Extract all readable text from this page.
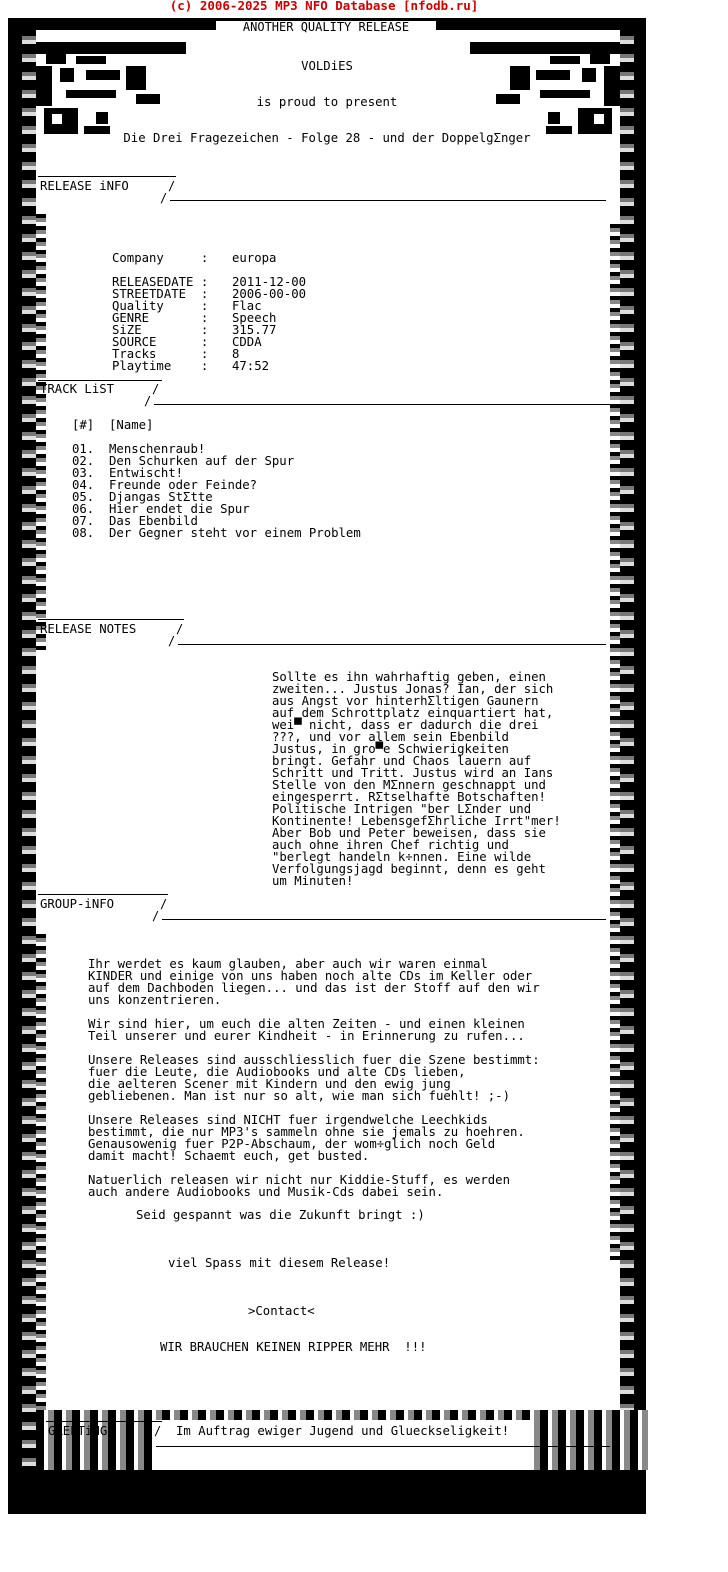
(c) 2006-2025 MP3 NFO Database [nfodb.ru]
ANOTHER QUALITY RELEASE
VOLDiES
is proud to present
Die Drei Fragezeichen - Folge 28 - und der DoppelgΣnger
RELEASE iNFO	/
/
Company     : europa
RELEASEDATE : 2011-12-00
STREETDATE  : 2006-00-00
Quality     : Flac
GENRE       : Speech
SiZE        : 315.77
SOURCE      : CDDA
Tracks      : 8
Playtime    : 47:52
TRACK LiST	/
/
[#]  [Name]
01.  Menschenraub!
02.  Den Schurken auf der Spur
03.  Entwischt!
04.  Freunde oder Feinde?
05.  Djangas StΣtte
06.  Hier endet die Spur
07.  Das Ebenbild
08.  Der Gegner steht vor einem Problem
RELEASE NOTES	/
/
Sollte es ihn wahrhaftig geben, einen
zweiten... Justus Jonas? Ian, der sich
aus Angst vor hinterhΣltigen Gaunern
auf dem Schrottplatz einquartiert hat,
wei▀ nicht, dass er dadurch die drei
???, und vor allem sein Ebenbild
Justus, in gro▀e Schwierigkeiten
bringt. Gefahr und Chaos lauern auf
Schritt und Tritt. Justus wird an Ians
Stelle von den MΣnnern geschnappt und
eingesperrt. RΣtselhafte Botschaften!
Politische Intrigen "ber LΣnder und
Kontinente! LebensgefΣhrliche Irrt"mer!
Aber Bob und Peter beweisen, dass sie
auch ohne ihren Chef richtig und
"berlegt handeln k÷nnen. Eine wilde
Verfolgungsjagd beginnt, denn es geht
um Minuten!
GROUP-iNFO	/
/
Ihr werdet es kaum glauben, aber auch wir waren einmal
KINDER und einige von uns haben noch alte CDs im Keller oder
auf dem Dachboden liegen... und das ist der Stoff auf den wir
uns konzentrieren.
Wir sind hier, um euch die alten Zeiten - und einen kleinen
Teil unserer und eurer Kindheit - in Erinnerung zu rufen...
Unsere Releases sind ausschliesslich fuer die Szene bestimmt:
fuer die Leute, die Audiobooks und alte CDs lieben,
die aelteren Scener mit Kindern und den ewig jung
gebliebenen. Man ist nur so alt, wie man sich fuehlt! ;-)
Unsere Releases sind NICHT fuer irgendwelche Leechkids
bestimmt, die nur MP3's sammeln ohne sie jemals zu hoehren.
Genausowenig fuer P2P-Abschaum, der wom÷glich noch Geld
damit macht! Schaemt euch, get busted.
Natuerlich releasen wir nicht nur Kiddie-Stuff, es werden
auch andere Audiobooks und Musik-Cds dabei sein.
Seid gespannt was die Zukunft bringt :)
viel Spass mit diesem Release!
>Contact<
WIR BRAUCHEN KEINEN RIPPER MEHR  !!!
GREETiNGS	/
/
Im Auftrag ewiger Jugend und Glueckseligkeit!
CHiKANi * FUERKINDER * kooba  * VOiCE
0
